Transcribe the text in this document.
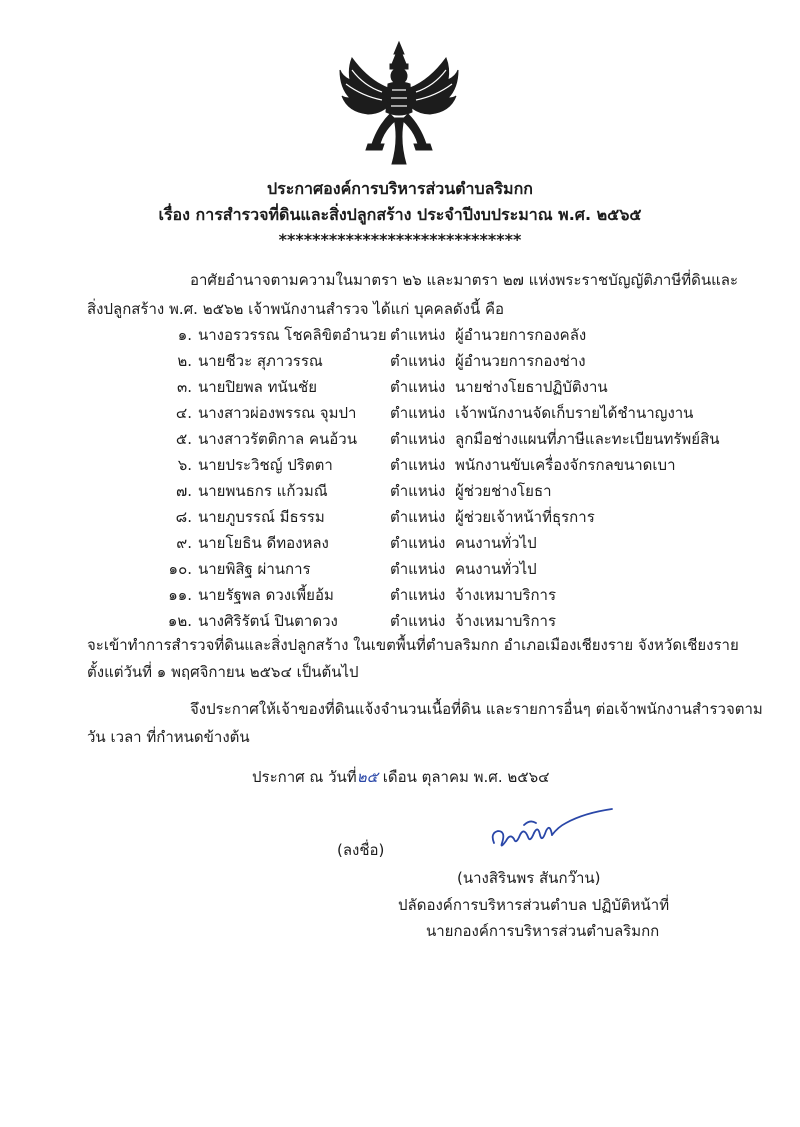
ประกาศองค์การบริหารส่วนตำบลริมกก
เรื่อง การสำรวจที่ดินและสิ่งปลูกสร้าง ประจำปีงบประมาณ พ.ศ. ๒๕๖๕
*****************************
อาศัยอำนาจตามความในมาตรา ๒๖ และมาตรา ๒๗ แห่งพระราชบัญญัติภาษีที่ดินและ
สิ่งปลูกสร้าง พ.ศ. ๒๕๖๒ เจ้าพนักงานสำรวจ ได้แก่ บุคคลดังนี้ คือ
๑. นางอรวรรณ โชคลิขิตอำนวย ตำแหน่ง ผู้อำนวยการกองคลัง
๒. นายชีวะ สุภาวรรณ	ตำแหน่ง ผู้อำนวยการกองช่าง
๓. นายปิยพล ทนันชัย	ตำแหน่ง นายช่างโยธาปฏิบัติงาน
๔. นางสาวผ่องพรรณ จุมปา ตำแหน่ง เจ้าพนักงานจัดเก็บรายได้ชำนาญงาน
๕. นางสาวรัตติกาล คนอ้วน ตำแหน่ง ลูกมือช่างแผนที่ภาษีและทะเบียนทรัพย์สิน
๖. นายประวิชญ์ ปริตตา	ตำแหน่ง พนักงานขับเครื่องจักรกลขนาดเบา
๗. นายพนธกร แก้วมณี	ตำแหน่ง ผู้ช่วยช่างโยธา
๘. นายภูบรรณ์ มีธรรม	ตำแหน่ง ผู้ช่วยเจ้าหน้าที่ธุรการ
๙. นายโยธิน ดีทองหลง	ตำแหน่ง คนงานทั่วไป
๑๐. นายพิสิฐ ผ่านการ	ตำแหน่ง คนงานทั่วไป
๑๑. นายรัฐพล ดวงเพี้ยอ้ม	ตำแหน่ง จ้างเหมาบริการ
๑๒. นางศิริรัตน์ ปินตาดวง	ตำแหน่ง จ้างเหมาบริการ
จะเข้าทำการสำรวจที่ดินและสิ่งปลูกสร้าง ในเขตพื้นที่ตำบลริมกก อำเภอเมืองเชียงราย จังหวัดเชียงราย
ตั้งแต่วันที่ ๑ พฤศจิกายน ๒๕๖๔ เป็นต้นไป
จึงประกาศให้เจ้าของที่ดินแจ้งจำนวนเนื้อที่ดิน และรายการอื่นๆ ต่อเจ้าพนักงานสำรวจตาม
วัน เวลา ที่กำหนดข้างต้น
ประกาศ ณ วันที่๒๕ เดือน ตุลาคม พ.ศ. ๒๕๖๔
(ลงชื่อ)
(นางสิรินพร สันกว๊าน)
ปลัดองค์การบริหารส่วนตำบล ปฏิบัติหน้าที่
นายกองค์การบริหารส่วนตำบลริมกก
